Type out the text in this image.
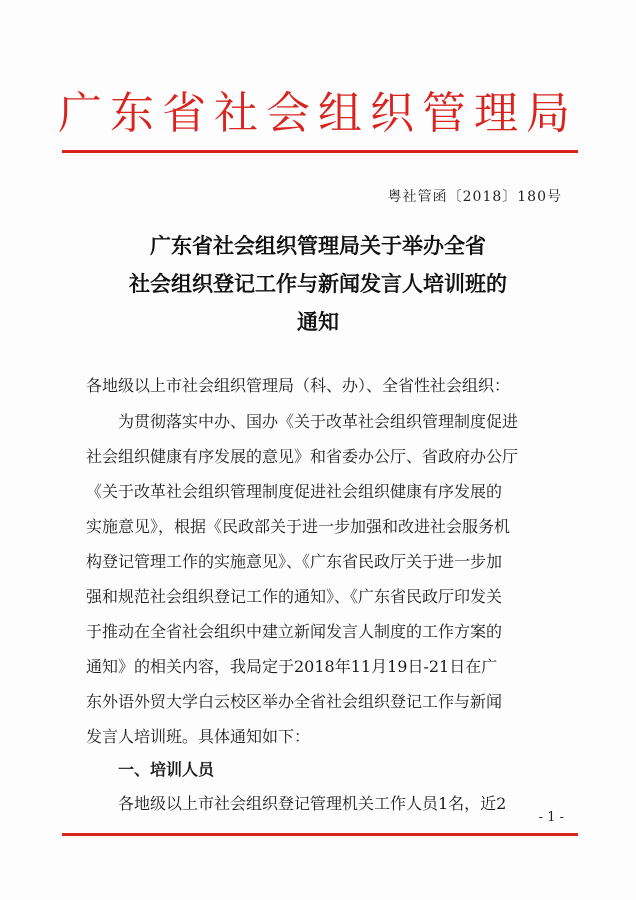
广东省社会组织管理局
粤社管函〔2018〕180号
广东省社会组织管理局关于举办全省
社会组织登记工作与新闻发言人培训班的
通知
各地级以上市社会组织管理局（科、办）、全省性社会组织：
为贯彻落实中办、国办《关于改革社会组织管理制度促进
社会组织健康有序发展的意见》和省委办公厅、省政府办公厅
《关于改革社会组织管理制度促进社会组织健康有序发展的
实施意见》，根据《民政部关于进一步加强和改进社会服务机
构登记管理工作的实施意见》、《广东省民政厅关于进一步加
强和规范社会组织登记工作的通知》、《广东省民政厅印发关
于推动在全省社会组织中建立新闻发言人制度的工作方案的
通知》的相关内容，我局定于2018年11月19日-21日在广
东外语外贸大学白云校区举办全省社会组织登记工作与新闻
发言人培训班。具体通知如下：
一、培训人员
各地级以上市社会组织登记管理机关工作人员1名，近2
- 1 -
